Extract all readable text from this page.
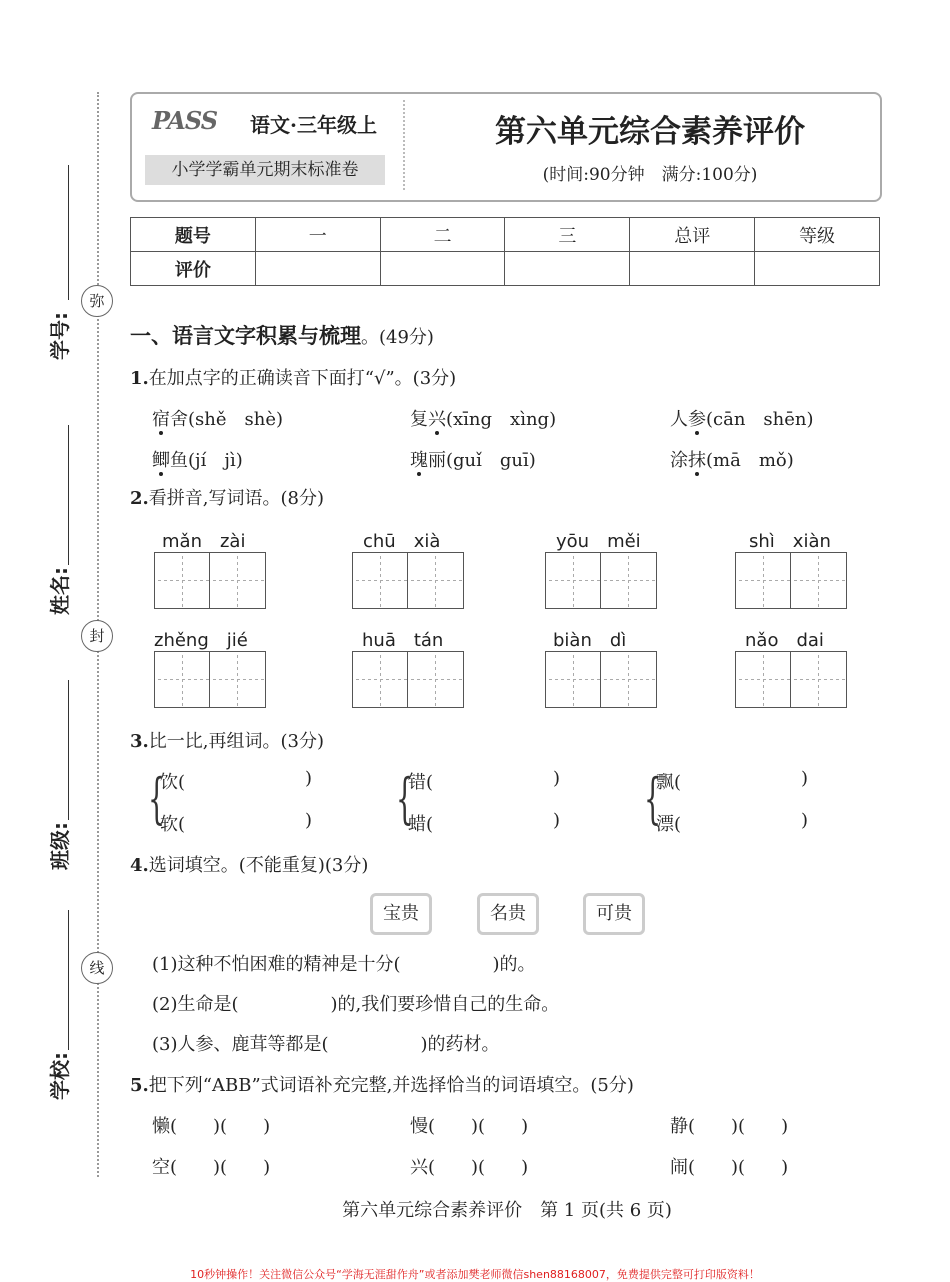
弥
封
线
学号:
姓名:
班级:
学校:
PASS 语文·三年级上
小学学霸单元期末标准卷
第六单元综合素养评价
(时间:90分钟　满分:100分)
题号	一	二	三	总评	等级
评价					
一、语言文字积累与梳理。(49分)
1.在加点字的正确读音下面打“√”。(3分)
宿舍(shě　shè)	复兴(xīng　xìng)	人参(cān　shēn)
鲫鱼(jí　jì)	瑰丽(guǐ　guī)	涂抹(mā　mǒ)
2.看拼音,写词语。(8分)
mǎn　zài	chū　xià	yōu　měi	shì　xiàn
zhěng　jié	huā　tán	biàn　dì	nǎo　dai
3.比一比,再组词。(3分)
{
饮(	)
软(	) {
错(	)
蜡(	) {
飘(	)
漂(	)
4.选词填空。(不能重复)(3分)
宝贵	名贵	可贵
(1)这种不怕困难的精神是十分(	)的。
(2)生命是(	)的,我们要珍惜自己的生命。
(3)人参、鹿茸等都是(	)的药材。
5.把下列“ABB”式词语补充完整,并选择恰当的词语填空。(5分)
懒(　　)(　　)	慢(　　)(　　)	静(　　)(　　)
空(　　)(　　)	兴(　　)(　　)	闹(　　)(　　)
第六单元综合素养评价　第 1 页(共 6 页)
10秒钟操作！关注微信公众号“学海无涯甜作舟”或者添加樊老师微信shen88168007，免费提供完整可打印版资料！
